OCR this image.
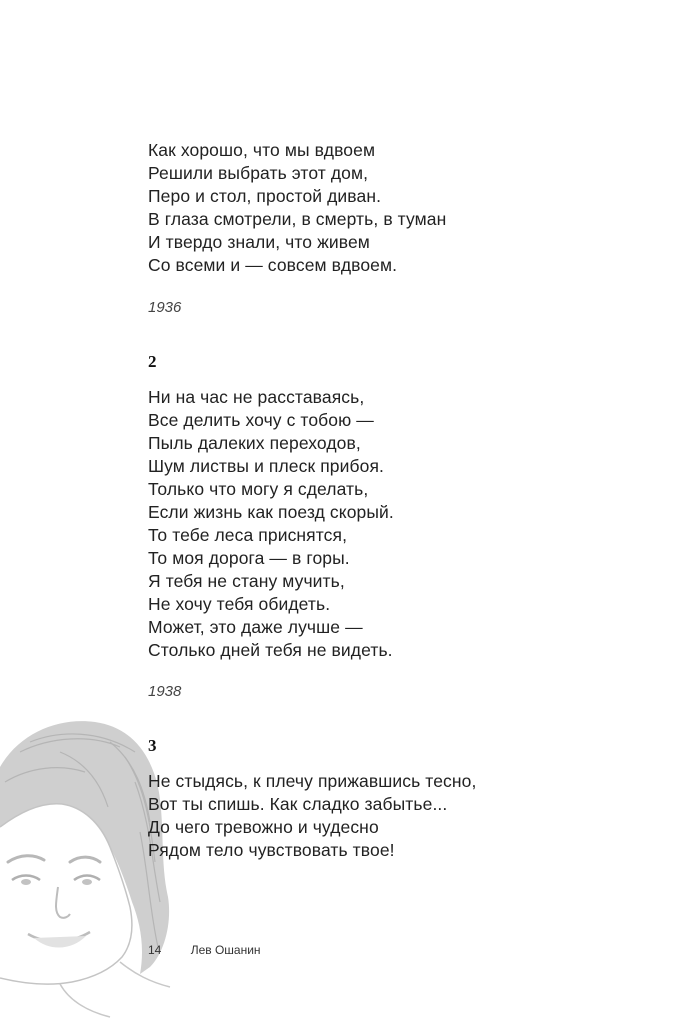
Как хорошо, что мы вдвоем
Решили выбрать этот дом,
Перо и стол, простой диван.
В глаза смотрели, в смерть, в туман
И твердо знали, что живем
Со всеми и — совсем вдвоем.
1936
2
Ни на час не расставаясь,
Все делить хочу с тобою —
Пыль далеких переходов,
Шум листвы и плеск прибоя.
Только что могу я сделать,
Если жизнь как поезд скорый.
То тебе леса приснятся,
То моя дорога — в горы.
Я тебя не стану мучить,
Не хочу тебя обидеть.
Может, это даже лучше —
Столько дней тебя не видеть.
1938
3
Не стыдясь, к плечу прижавшись тесно,
Вот ты спишь. Как сладко забытье...
До чего тревожно и чудесно
Рядом тело чувствовать твое!
14 Лев Ошанин
